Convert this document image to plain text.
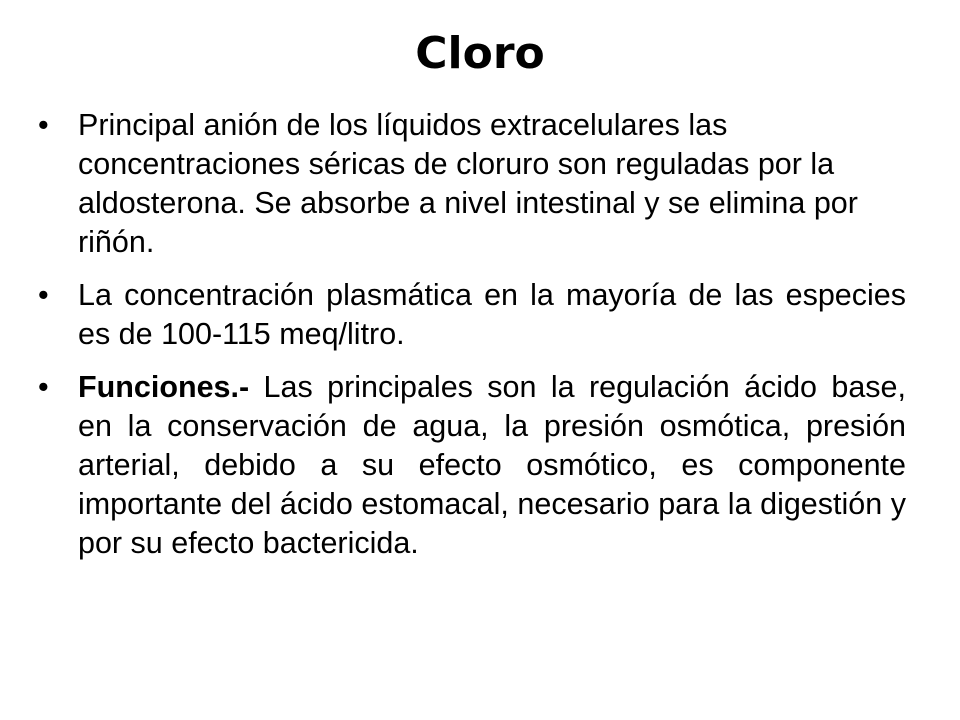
Cloro
• Principal anión de los líquidos extracelulares las concentraciones séricas de cloruro son reguladas por la aldosterona. Se absorbe a nivel intestinal y se elimina por riñón.
• La concentración plasmática en la mayoría de las especies es de 100-115 meq/litro.
• Funciones.- Las principales son la regulación ácido base, en la conservación de agua, la presión osmótica, presión arterial, debido a su efecto osmótico, es componente importante del ácido estomacal, necesario para la digestión y por su efecto bactericida.
